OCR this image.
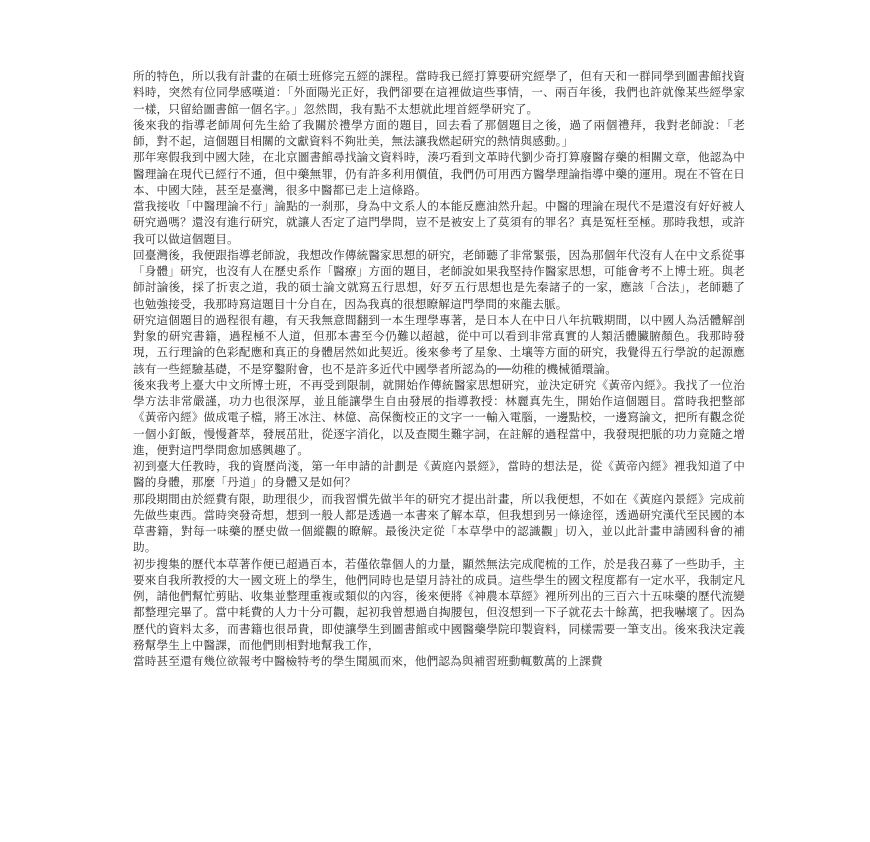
所的特色，所以我有計畫的在碩士班修完五經的課程。當時我已經打算要研究經學了，但有天和一群同學到圖書館找資料時，突然有位同學感嘆道：「外面陽光正好，我們卻要在這裡做這些事情，一、兩百年後，我們也許就像某些經學家一樣，只留給圖書館一個名字。」忽然間，我有點不太想就此埋首經學研究了。

後來我的指導老師周何先生給了我關於禮學方面的題目，回去看了那個題目之後，過了兩個禮拜，我對老師說：「老師，對不起，這個題目相關的文獻資料不夠壯美，無法讓我燃起研究的熱情與感動。」

那年寒假我到中國大陸，在北京圖書館尋找論文資料時，湊巧看到文革時代劉少奇打算廢醫存藥的相關文章，他認為中醫理論在現代已經行不通，但中藥無罪，仍有許多利用價值，我們仍可用西方醫學理論指導中藥的運用。現在不管在日本、中國大陸，甚至是臺灣，很多中醫都已走上這條路。

當我接收「中醫理論不行」論點的一刹那，身為中文系人的本能反應油然升起。中醫的理論在現代不是還沒有好好被人研究過嗎？還沒有進行研究，就讓人否定了這門學問，豈不是被安上了莫須有的罪名？真是冤枉至極。那時我想，或許我可以做這個題目。

回臺灣後，我便跟指導老師說，我想改作傳統醫家思想的研究，老師聽了非常緊張，因為那個年代沒有人在中文系從事「身體」研究，也沒有人在歷史系作「醫療」方面的題目，老師說如果我堅持作醫家思想，可能會考不上博士班。與老師討論後，採了折衷之道，我的碩士論文就寫五行思想，好歹五行思想也是先秦諸子的一家，應該「合法」，老師聽了也勉強接受，我那時寫這題目十分自在，因為我真的很想瞭解這門學問的來龍去脈。

研究這個題目的過程很有趣，有天我無意間翻到一本生理學專著，是日本人在中日八年抗戰期間，以中國人為活體解剖對象的研究書籍，過程極不人道，但那本書至今仍難以超越，從中可以看到非常真實的人類活體臟腑顏色。我那時發現，五行理論的色彩配應和真正的身體居然如此契近。後來參考了星象、土壤等方面的研究，我覺得五行學說的起源應該有一些經驗基礎，不是穿鑿附會，也不是許多近代中國學者所認為的──幼稚的機械循環論。

後來我考上臺大中文所博士班，不再受到限制，就開始作傳統醫家思想研究，並決定研究《黃帝內經》。我找了一位治學方法非常嚴謹，功力也很深厚，並且能讓學生自由發展的指導教授：林麗真先生，開始作這個題目。當時我把整部《黃帝內經》做成電子檔，將王冰注、林億、高保衡校正的文字一一輸入電腦，一邊點校，一邊寫論文，把所有觀念從一個小釘飯，慢慢蒼萃，發展茁壯，從逐字消化，以及查閱生難字詞，在註解的過程當中，我發現把脈的功力竟隨之增進，便對這門學問愈加感興趣了。

初到臺大任教時，我的資歷尚淺，第一年申請的計劃是《黃庭內景經》，當時的想法是，從《黃帝內經》裡我知道了中醫的身體，那麼「丹道」的身體又是如何？

那段期間由於經費有限，助理很少，而我習慣先做半年的研究才提出計畫，所以我便想，不如在《黃庭內景經》完成前先做些東西。當時突發奇想，想到一般人都是透過一本書來了解本草，但我想到另一條途徑，透過研究漢代至民國的本草書籍，對每一味藥的歷史做一個縱觀的瞭解。最後決定從「本草學中的認識觀」切入，並以此計畫申請國科會的補助。

初步搜集的歷代本草著作便已超過百本，若僅依靠個人的力量，顯然無法完成爬梳的工作，於是我召募了一些助手，主要來自我所教授的大一國文班上的學生，他們同時也是望月詩社的成員。這些學生的國文程度都有一定水平，我制定凡例，請他們幫忙剪貼、收集並整理重複或類似的內容，後來便將《神農本草經》裡所列出的三百六十五味藥的歷代流變都整理完畢了。當中耗費的人力十分可觀，起初我曾想過自掏腰包，但沒想到一下子就花去十餘萬，把我嚇壞了。因為歷代的資料太多，而書籍也很昂貴，即使讓學生到圖書館或中國醫藥學院印製資料，同樣需要一筆支出。後來我決定義務幫學生上中醫課，而他們則相對地幫我工作，

當時甚至還有幾位欲報考中醫檢特考的學生聞風而來，他們認為與補習班動輒數萬的上課費
